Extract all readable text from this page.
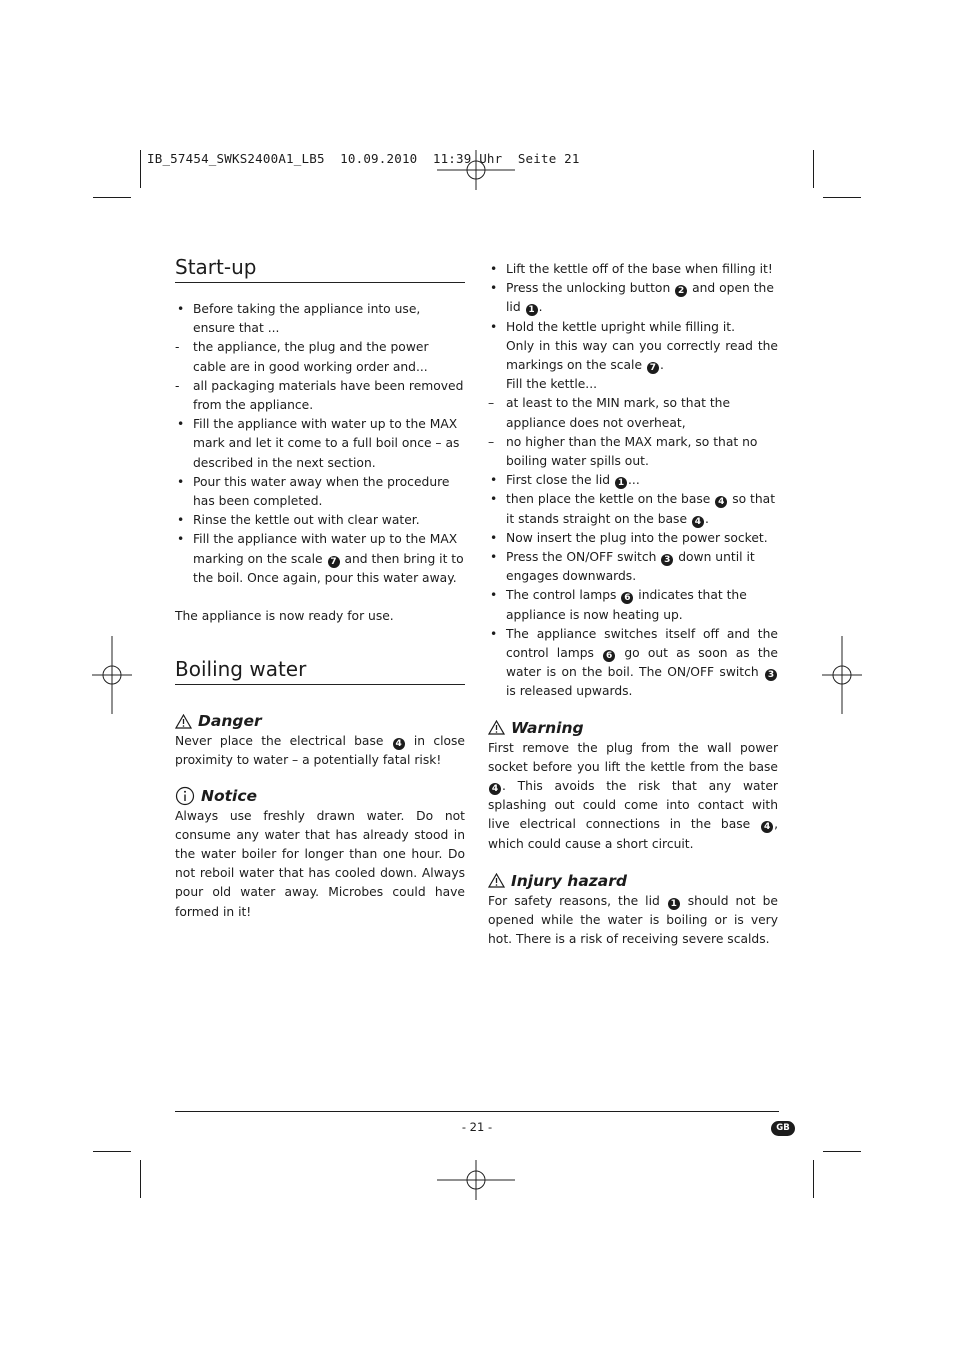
IB_57454_SWKS2400A1_LB5  10.09.2010  11:39 Uhr  Seite 21
Start-up
• Before taking the appliance into use, ensure that ...
- the appliance, the plug and the power cable are in good working order and...
- all packaging materials have been removed from the appliance.
• Fill the appliance with water up to the MAX mark and let it come to a full boil once – as described in the next section.
• Pour this water away when the procedure has been completed.
• Rinse the kettle out with clear water.
• Fill the appliance with water up to the MAX marking on the scale 7 and then bring it to the boil. Once again, pour this water away.
The appliance is now ready for use.
Boiling water
Danger
Never place the electrical base 4 in close proximity to water – a potentially fatal risk!
Notice
Always use freshly drawn water. Do not consume any water that has already stood in the water boiler for longer than one hour. Do not reboil water that has cooled down. Always pour old water away. Microbes could have formed in it!
• Lift the kettle off of the base when filling it!
• Press the unlocking button 2 and open the lid 1 .
• Hold the kettle upright while filling it.
Only in this way can you correctly read the markings on the scale 7 .
Fill the kettle...
– at least to the MIN mark, so that the appliance does not overheat,
– no higher than the MAX mark, so that no boiling water spills out.
• First close the lid 1 ...
• then place the kettle on the base 4 so that it stands straight on the base 4 .
• Now insert the plug into the power socket.
• Press the ON/OFF switch 3 down until it engages downwards.
• The control lamps 6 indicates that the appliance is now heating up.
• The appliance switches itself off and the control lamps 6 go out as soon as the water is on the boil. The ON/OFF switch 3 is released upwards.
Warning
First remove the plug from the wall power socket before you lift the kettle from the base 4 . This avoids the risk that any water splashing out could come into contact with live electrical connections in the base 4 , which could cause a short circuit.
Injury hazard
For safety reasons, the lid 1 should not be opened while the water is boiling or is very hot. There is a risk of receiving severe scalds.
- 21 -	GB
